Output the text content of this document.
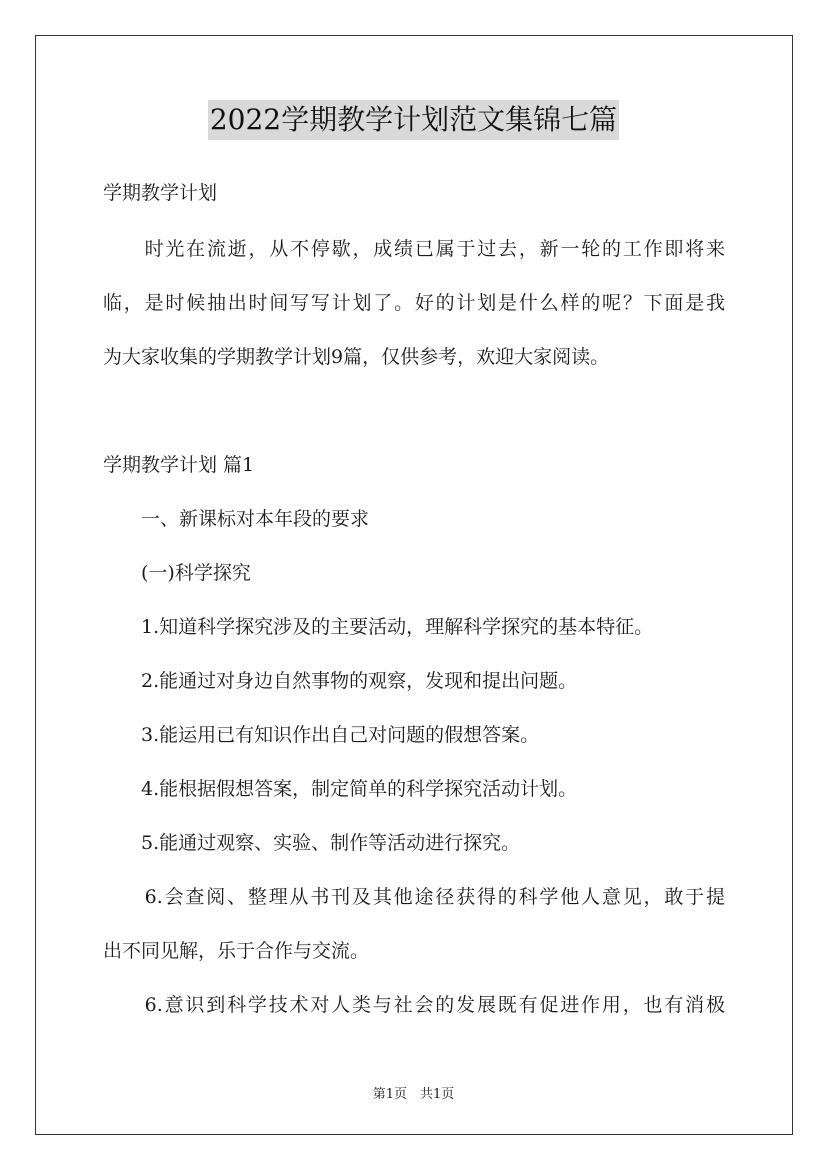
2022学期教学计划范文集锦七篇
学期教学计划
　　时光在流逝，从不停歇，成绩已属于过去，新一轮的工作即将来
临，是时候抽出时间写写计划了。好的计划是什么样的呢？下面是我
为大家收集的学期教学计划9篇，仅供参考，欢迎大家阅读。
学期教学计划 篇1
　　一、新课标对本年段的要求
　　(一)科学探究
　　1.知道科学探究涉及的主要活动，理解科学探究的基本特征。
　　2.能通过对身边自然事物的观察，发现和提出问题。
　　3.能运用已有知识作出自己对问题的假想答案。
　　4.能根据假想答案，制定简单的科学探究活动计划。
　　5.能通过观察、实验、制作等活动进行探究。
　　6.会查阅、整理从书刊及其他途径获得的科学他人意见，敢于提
出不同见解，乐于合作与交流。
　　6.意识到科学技术对人类与社会的发展既有促进作用，也有消极
第1页　共1页
